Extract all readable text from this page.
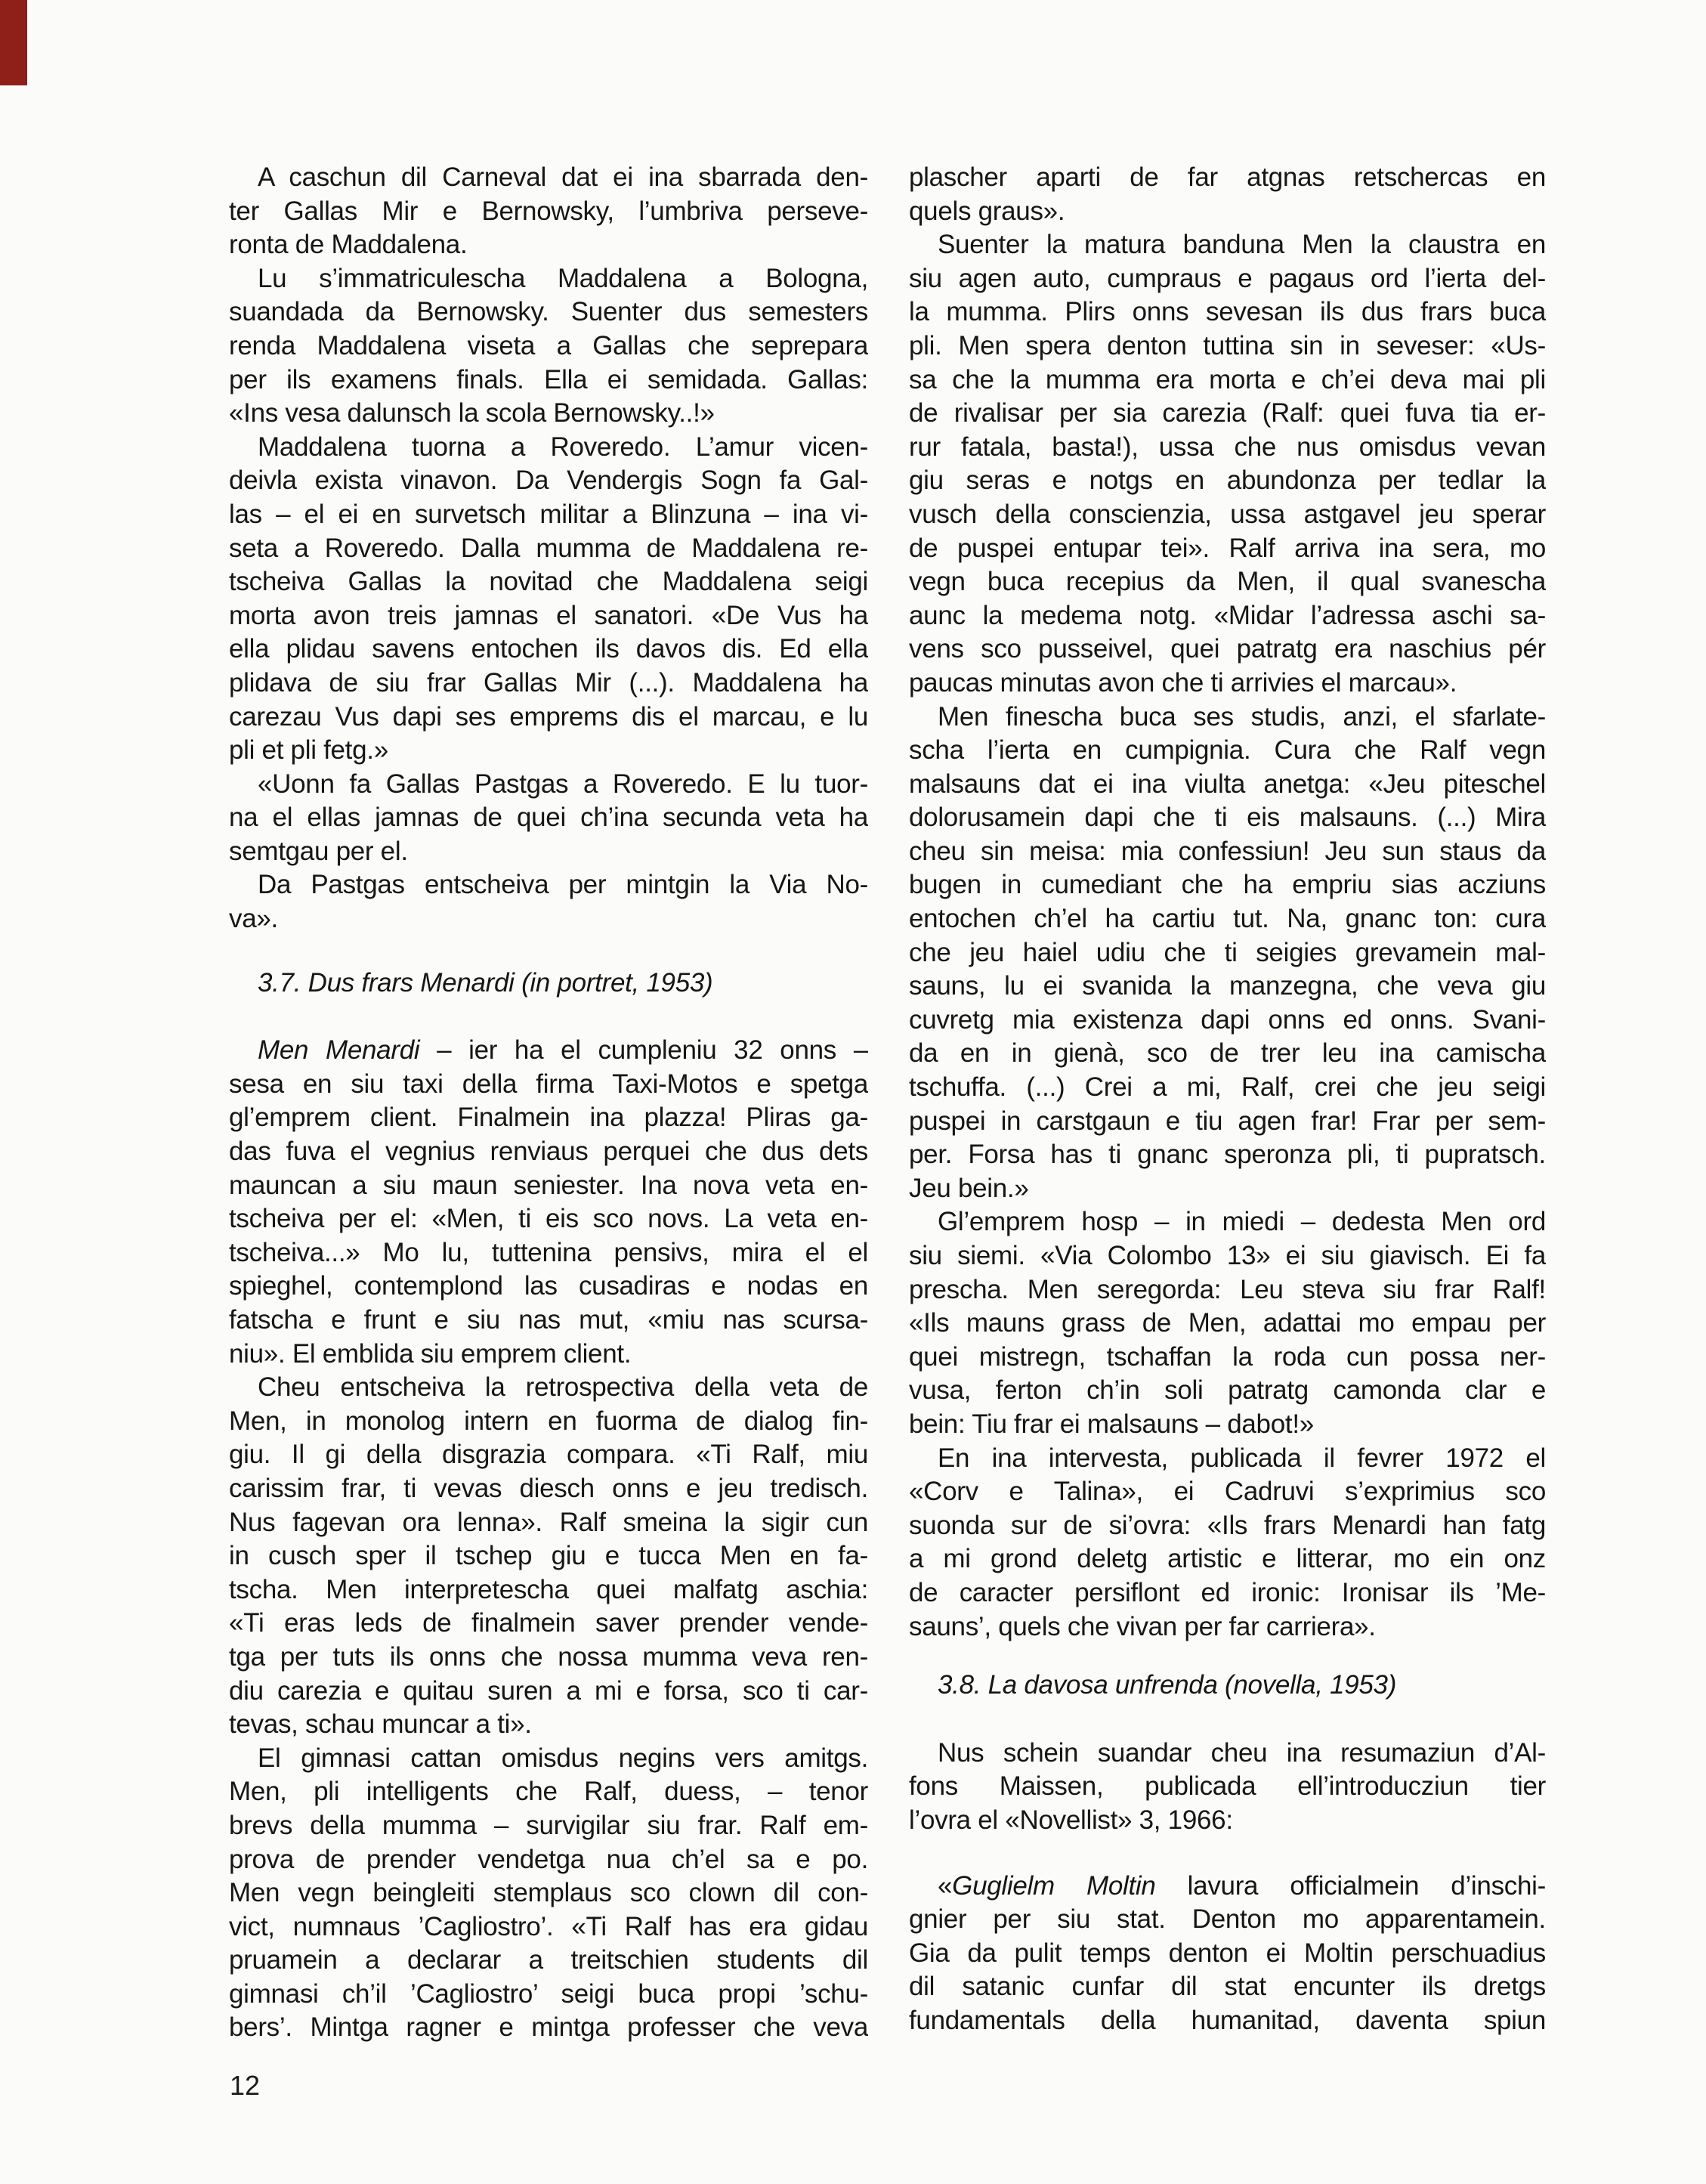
A caschun dil Carneval dat ei ina sbarrada den-
ter Gallas Mir e Bernowsky, l’umbriva perseve-
ronta de Maddalena.
Lu s’immatriculescha Maddalena a Bologna,
suandada da Bernowsky. Suenter dus semesters
renda Maddalena viseta a Gallas che seprepara
per ils examens finals. Ella ei semidada. Gallas:
«Ins vesa dalunsch la scola Bernowsky..!»
Maddalena tuorna a Roveredo. L’amur vicen-
deivla exista vinavon. Da Vendergis Sogn fa Gal-
las – el ei en survetsch militar a Blinzuna – ina vi-
seta a Roveredo. Dalla mumma de Maddalena re-
tscheiva Gallas la novitad che Maddalena seigi
morta avon treis jamnas el sanatori. «De Vus ha
ella plidau savens entochen ils davos dis. Ed ella
plidava de siu frar Gallas Mir (...). Maddalena ha
carezau Vus dapi ses emprems dis el marcau, e lu
pli et pli fetg.»
«Uonn fa Gallas Pastgas a Roveredo. E lu tuor-
na el ellas jamnas de quei ch’ina secunda veta ha
semtgau per el.
Da Pastgas entscheiva per mintgin la Via No-
va».
3.7. Dus frars Menardi (in portret, 1953)
Men Menardi – ier ha el cumpleniu 32 onns –
sesa en siu taxi della firma Taxi-Motos e spetga
gl’emprem client. Finalmein ina plazza! Pliras ga-
das fuva el vegnius renviaus perquei che dus dets
mauncan a siu maun seniester. Ina nova veta en-
tscheiva per el: «Men, ti eis sco novs. La veta en-
tscheiva...» Mo lu, tuttenina pensivs, mira el el
spieghel, contemplond las cusadiras e nodas en
fatscha e frunt e siu nas mut, «miu nas scursa-
niu». El emblida siu emprem client.
Cheu entscheiva la retrospectiva della veta de
Men, in monolog intern en fuorma de dialog fin-
giu. Il gi della disgrazia compara. «Ti Ralf, miu
carissim frar, ti vevas diesch onns e jeu tredisch.
Nus fagevan ora lenna». Ralf smeina la sigir cun
in cusch sper il tschep giu e tucca Men en fa-
tscha. Men interpretescha quei malfatg aschia:
«Ti eras leds de finalmein saver prender vende-
tga per tuts ils onns che nossa mumma veva ren-
diu carezia e quitau suren a mi e forsa, sco ti car-
tevas, schau muncar a ti».
El gimnasi cattan omisdus negins vers amitgs.
Men, pli intelligents che Ralf, duess, – tenor
brevs della mumma – survigilar siu frar. Ralf em-
prova de prender vendetga nua ch’el sa e po.
Men vegn beingleiti stemplaus sco clown dil con-
vict, numnaus ’Cagliostro’. «Ti Ralf has era gidau
pruamein a declarar a treitschien students dil
gimnasi ch’il ’Cagliostro’ seigi buca propi ’schu-
bers’. Mintga ragner e mintga professer che veva
plascher aparti de far atgnas retschercas en
quels graus».
Suenter la matura banduna Men la claustra en
siu agen auto, cumpraus e pagaus ord l’ierta del-
la mumma. Plirs onns sevesan ils dus frars buca
pli. Men spera denton tuttina sin in seveser: «Us-
sa che la mumma era morta e ch’ei deva mai pli
de rivalisar per sia carezia (Ralf: quei fuva tia er-
rur fatala, basta!), ussa che nus omisdus vevan
giu seras e notgs en abundonza per tedlar la
vusch della conscienzia, ussa astgavel jeu sperar
de puspei entupar tei». Ralf arriva ina sera, mo
vegn buca recepius da Men, il qual svanescha
aunc la medema notg. «Midar l’adressa aschi sa-
vens sco pusseivel, quei patratg era naschius pér
paucas minutas avon che ti arrivies el marcau».
Men finescha buca ses studis, anzi, el sfarlate-
scha l’ierta en cumpignia. Cura che Ralf vegn
malsauns dat ei ina viulta anetga: «Jeu piteschel
dolorusamein dapi che ti eis malsauns. (...) Mira
cheu sin meisa: mia confessiun! Jeu sun staus da
bugen in cumediant che ha empriu sias acziuns
entochen ch’el ha cartiu tut. Na, gnanc ton: cura
che jeu haiel udiu che ti seigies grevamein mal-
sauns, lu ei svanida la manzegna, che veva giu
cuvretg mia existenza dapi onns ed onns. Svani-
da en in gienà, sco de trer leu ina camischa
tschuffa. (...) Crei a mi, Ralf, crei che jeu seigi
puspei in carstgaun e tiu agen frar! Frar per sem-
per. Forsa has ti gnanc speronza pli, ti pupratsch.
Jeu bein.»
Gl’emprem hosp – in miedi – dedesta Men ord
siu siemi. «Via Colombo 13» ei siu giavisch. Ei fa
prescha. Men seregorda: Leu steva siu frar Ralf!
«Ils mauns grass de Men, adattai mo empau per
quei mistregn, tschaffan la roda cun possa ner-
vusa, ferton ch’in soli patratg camonda clar e
bein: Tiu frar ei malsauns – dabot!»
En ina intervesta, publicada il fevrer 1972 el
«Corv e Talina», ei Cadruvi s’exprimius sco
suonda sur de si’ovra: «Ils frars Menardi han fatg
a mi grond deletg artistic e litterar, mo ein onz
de caracter persiflont ed ironic: Ironisar ils ’Me-
sauns’, quels che vivan per far carriera».
3.8. La davosa unfrenda (novella, 1953)
Nus schein suandar cheu ina resumaziun d’Al-
fons Maissen, publicada ell’introducziun tier
l’ovra el «Novellist» 3, 1966:
«Guglielm Moltin lavura officialmein d’inschi-
gnier per siu stat. Denton mo apparentamein.
Gia da pulit temps denton ei Moltin perschuadius
dil satanic cunfar dil stat encunter ils dretgs
fundamentals della humanitad, daventa spiun
12
